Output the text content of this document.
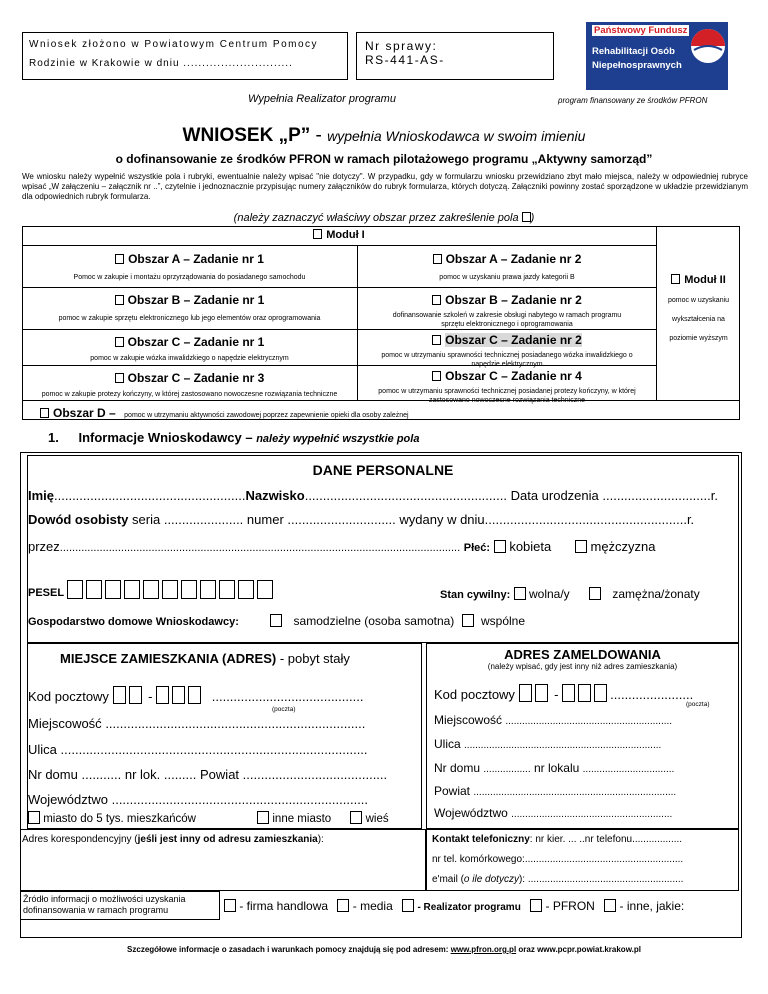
Wniosek złożono w Powiatowym Centrum Pomocy
Rodzinie w Krakowie w dniu .............................
Nr sprawy:
RS-441-AS-
Państwowy Fundusz
Rehabilitacji Osób
Niepełnosprawnych
Wypełnia Realizator programu	program finansowany ze środków PFRON
WNIOSEK „P” - wypełnia Wnioskodawca w swoim imieniu
o dofinansowanie ze środków PFRON w ramach pilotażowego programu „Aktywny samorząd”
We wniosku należy wypełnić wszystkie pola i rubryki, ewentualnie należy wpisać "nie dotyczy". W przypadku, gdy w formularzu wniosku przewidziano zbyt mało miejsca, należy w odpowiedniej rubryce wpisać „W załączeniu – załącznik nr ..”, czytelnie i jednoznacznie przypisując numery załączników do rubryk formularza, których dotyczą. Załączniki powinny zostać sporządzone w układzie przewidzianym dla odpowiednich rubryk formularza.
(należy zaznaczyć właściwy obszar przez zakreślenie pola )
Moduł I
Obszar A – Zadanie nr 1
Pomoc w zakupie i montażu oprzyrządowania do posiadanego samochodu
Obszar A – Zadanie nr 2
pomoc w uzyskaniu prawa jazdy kategorii B
Obszar B – Zadanie nr 1
pomoc w zakupie sprzętu elektronicznego lub jego elementów oraz oprogramowania
Obszar B – Zadanie nr 2
dofinansowanie szkoleń w zakresie obsługi nabytego w ramach programu sprzętu elektronicznego i oprogramowania
Obszar C – Zadanie nr 1
pomoc w zakupie wózka inwalidzkiego o napędzie elektrycznym
Obszar C – Zadanie nr 2
pomoc w utrzymaniu sprawności technicznej posiadanego wózka inwalidzkiego o napędzie elektrycznym
Obszar C – Zadanie nr 3
pomoc w zakupie protezy kończyny, w której zastosowano nowoczesne rozwiązania techniczne
Obszar C – Zadanie nr 4
pomoc w utrzymaniu sprawności technicznej posiadanej protezy kończyny, w której zastosowano nowoczesne rozwiązania techniczne
Moduł II
pomoc w uzyskaniu
wykształcenia na
poziomie wyższym
Obszar D – pomoc w utrzymaniu aktywności zawodowej poprzez zapewnienie opieki dla osoby zależnej
1. Informacje Wnioskodawcy – należy wypełnić wszystkie pola
DANE PERSONALNE
Imię.....................................................Nazwisko........................................................ Data urodzenia ..............................r.
Dowód osobisty seria ...................... numer .............................. wydany w dniu........................................................r.
przez................................................................................................................................... Płeć: kobieta	mężczyzna
PESEL	Stan cywilny: wolna/y	zamężna/żonaty
Gospodarstwo domowe Wnioskodawcy:	samodzielne (osoba samotna) wspólne
MIEJSCE ZAMIESZKANIA (ADRES) - pobyt stały
Kod pocztowy	-	..........................................
(poczta)
Miejscowość ........................................................................
Ulica .....................................................................................
Nr domu ........... nr lok. ......... Powiat ........................................
Województwo .......................................................................
miasto do 5 tys. mieszkańców	inne miasto	wieś
ADRES ZAMELDOWANIA
(należy wpisać, gdy jest inny niż adres zamieszkania)
Kod pocztowy	-	.......................
(poczta)
Miejscowość ............................................................
Ulica .......................................................................
Nr domu ................. nr lokalu .................................
Powiat .........................................................................
Województwo ..........................................................
Adres korespondencyjny (jeśli jest inny od adresu zamieszkania):	Kontakt telefoniczny: nr kier. ... ..nr telefonu..................
nr tel. komórkowego:.........................................................
e'mail (o ile dotyczy): ........................................................
Źródło informacji o możliwości uzyskania dofinansowania w ramach programu	- firma handlowa - media - Realizator programu - PFRON - inne, jakie:
Szczegółowe informacje o zasadach i warunkach pomocy znajdują się pod adresem: www.pfron.org.pl oraz www.pcpr.powiat.krakow.pl
